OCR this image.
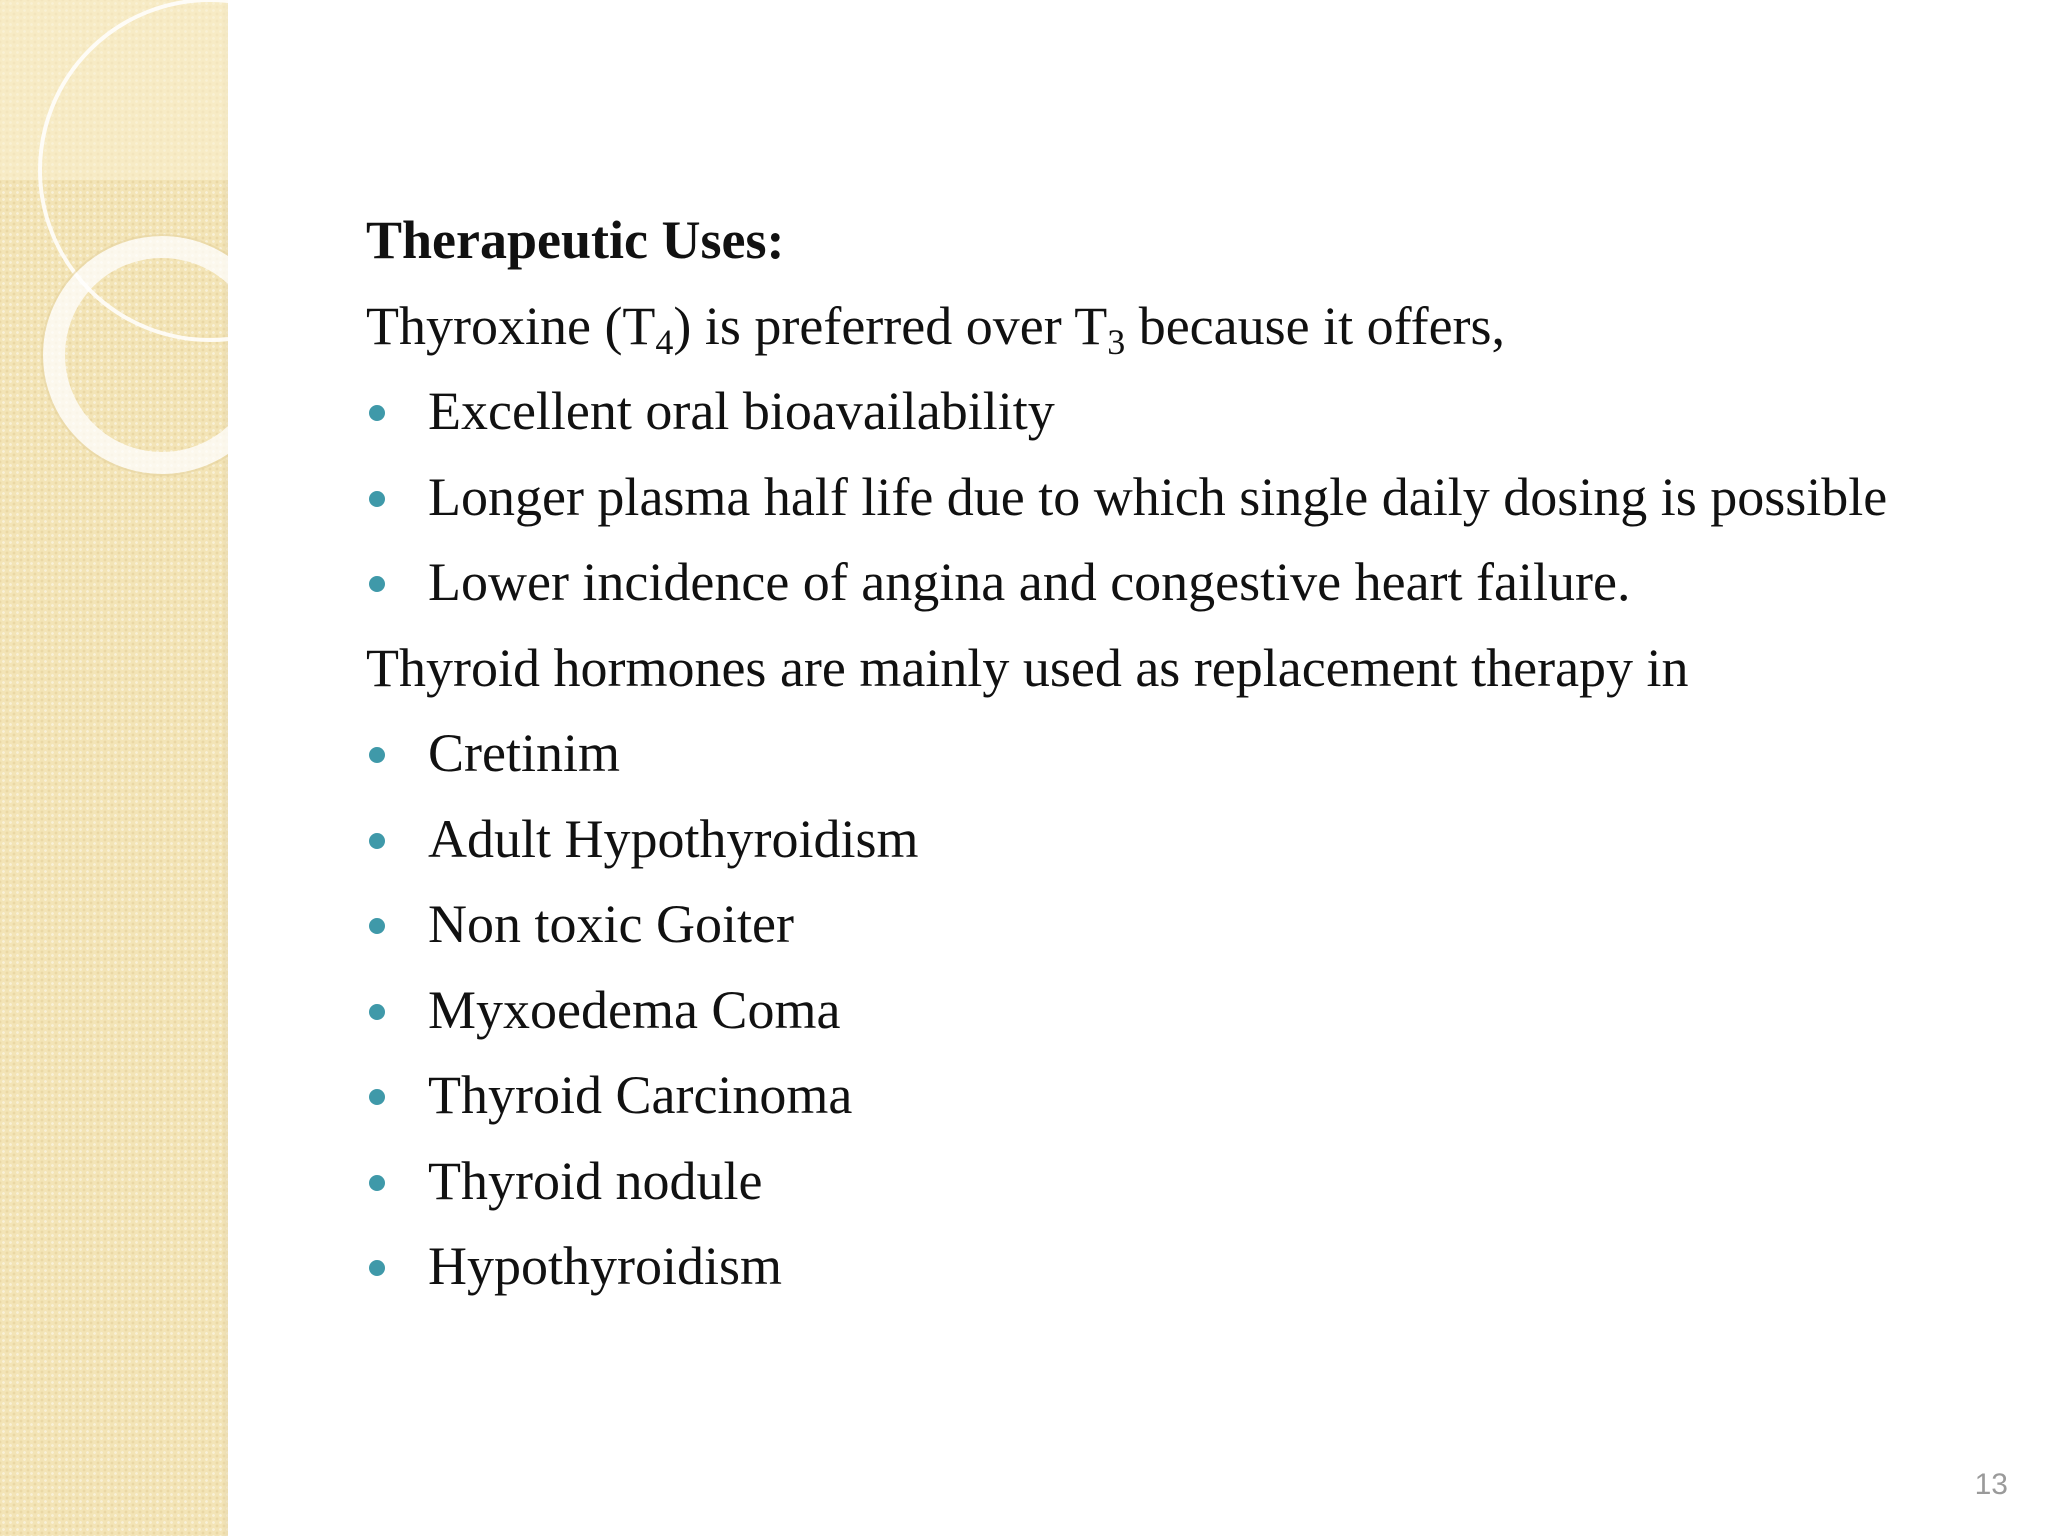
Therapeutic Uses:
Thyroxine $(T_4)$ is preferred over $T_3$ because it offers,
Excellent oral bioavailability
Longer plasma half life due to which single daily dosing is possible
Lower incidence of angina and congestive heart failure.
Thyroid hormones are mainly used as replacement therapy in
Cretinim
Adult Hypothyroidism
Non toxic Goiter
Myxoedema Coma
Thyroid Carcinoma
Thyroid nodule
Hypothyroidism
13
